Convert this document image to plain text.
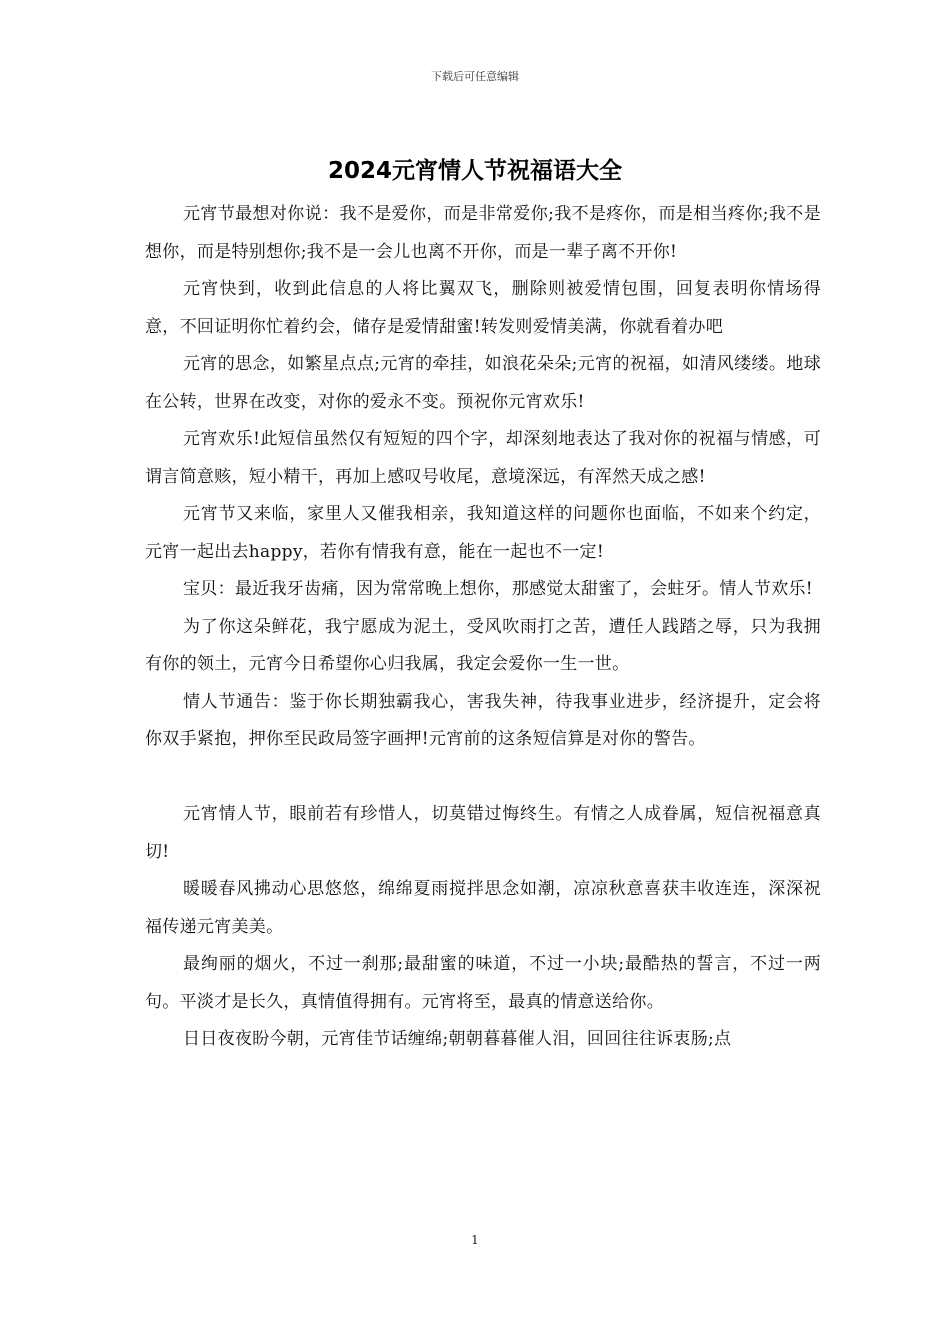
下载后可任意编辑
2024元宵情人节祝福语大全

元宵节最想对你说：我不是爱你，而是非常爱你;我不是疼你，而是相当疼你;我不是想你，而是特别想你;我不是一会儿也离不开你，而是一辈子离不开你!

元宵快到，收到此信息的人将比翼双飞，删除则被爱情包围，回复表明你情场得意，不回证明你忙着约会，储存是爱情甜蜜!转发则爱情美满，你就看着办吧

元宵的思念，如繁星点点;元宵的牵挂，如浪花朵朵;元宵的祝福，如清风缕缕。地球在公转，世界在改变，对你的爱永不变。预祝你元宵欢乐!

元宵欢乐!此短信虽然仅有短短的四个字，却深刻地表达了我对你的祝福与情感，可谓言简意赅，短小精干，再加上感叹号收尾，意境深远，有浑然天成之感!

元宵节又来临，家里人又催我相亲，我知道这样的问题你也面临，不如来个约定，元宵一起出去happy，若你有情我有意，能在一起也不一定!

宝贝：最近我牙齿痛，因为常常晚上想你，那感觉太甜蜜了，会蛀牙。情人节欢乐!

为了你这朵鲜花，我宁愿成为泥土，受风吹雨打之苦，遭任人践踏之辱，只为我拥有你的领土，元宵今日希望你心归我属，我定会爱你一生一世。

情人节通告：鉴于你长期独霸我心，害我失神，待我事业进步，经济提升，定会将你双手紧抱，押你至民政局签字画押!元宵前的这条短信算是对你的警告。

元宵情人节，眼前若有珍惜人，切莫错过悔终生。有情之人成眷属，短信祝福意真切!

暖暖春风拂动心思悠悠，绵绵夏雨搅拌思念如潮，凉凉秋意喜获丰收连连，深深祝福传递元宵美美。

最绚丽的烟火，不过一刹那;最甜蜜的味道，不过一小块;最酷热的誓言，不过一两句。平淡才是长久，真情值得拥有。元宵将至，最真的情意送给你。

日日夜夜盼今朝，元宵佳节话缠绵;朝朝暮暮催人泪，回回往往诉衷肠;点

1
